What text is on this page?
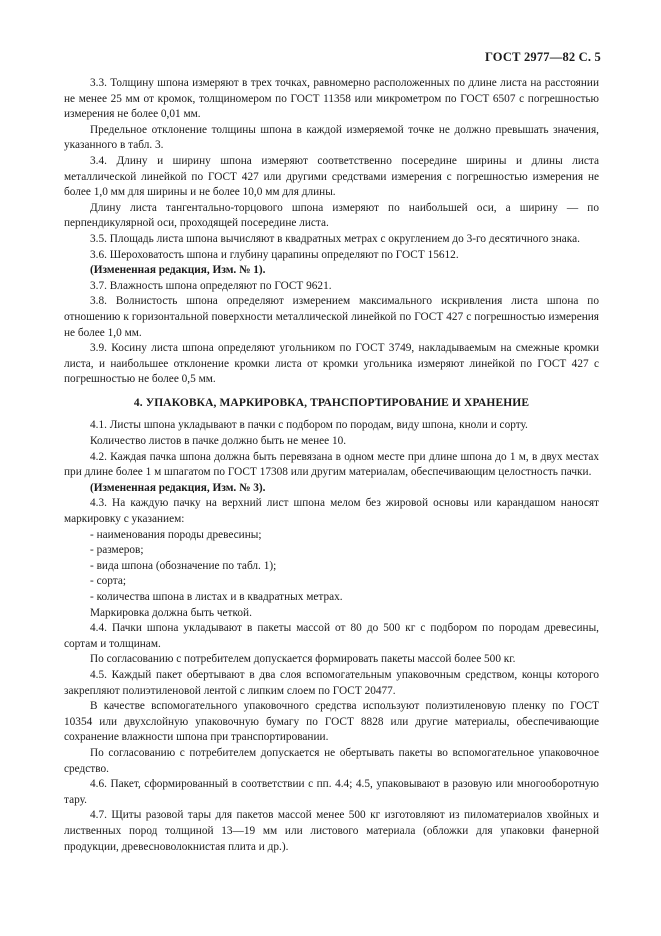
ГОСТ 2977—82 С. 5

3.3. Толщину шпона измеряют в трех точках, равномерно расположенных по длине листа на расстоянии не менее 25 мм от кромок, толщиномером по ГОСТ 11358 или микрометром по ГОСТ 6507 с погрешностью измерения не более 0,01 мм.

Предельное отклонение толщины шпона в каждой измеряемой точке не должно превышать значения, указанного в табл. 3.

3.4. Длину и ширину шпона измеряют соответственно посередине ширины и длины листа металлической линейкой по ГОСТ 427 или другими средствами измерения с погрешностью измерения не более 1,0 мм для ширины и не более 10,0 мм для длины.

Длину листа тангентально-торцового шпона измеряют по наибольшей оси, а ширину — по перпендикулярной оси, проходящей посередине листа.

3.5. Площадь листа шпона вычисляют в квадратных метрах с округлением до 3-го десятичного знака.

3.6. Шероховатость шпона и глубину царапины определяют по ГОСТ 15612.

(Измененная редакция, Изм. № 1).

3.7. Влажность шпона определяют по ГОСТ 9621.

3.8. Волнистость шпона определяют измерением максимального искривления листа шпона по отношению к горизонтальной поверхности металлической линейкой по ГОСТ 427 с погрешностью измерения не более 1,0 мм.

3.9. Косину листа шпона определяют угольником по ГОСТ 3749, накладываемым на смежные кромки листа, и наибольшее отклонение кромки листа от кромки угольника измеряют линейкой по ГОСТ 427 с погрешностью не более 0,5 мм.

4. УПАКОВКА, МАРКИРОВКА, ТРАНСПОРТИРОВАНИЕ И ХРАНЕНИЕ

4.1. Листы шпона укладывают в пачки с подбором по породам, виду шпона, кноли и сорту.

Количество листов в пачке должно быть не менее 10.

4.2. Каждая пачка шпона должна быть перевязана в одном месте при длине шпона до 1 м, в двух местах при длине более 1 м шпагатом по ГОСТ 17308 или другим материалам, обеспечивающим целостность пачки.

(Измененная редакция, Изм. № 3).

4.3. На каждую пачку на верхний лист шпона мелом без жировой основы или карандашом наносят маркировку с указанием:

- наименования породы древесины;
- размеров;
- вида шпона (обозначение по табл. 1);
- сорта;
- количества шпона в листах и в квадратных метрах.

Маркировка должна быть четкой.

4.4. Пачки шпона укладывают в пакеты массой от 80 до 500 кг с подбором по породам древесины, сортам и толщинам.

По согласованию с потребителем допускается формировать пакеты массой более 500 кг.

4.5. Каждый пакет обертывают в два слоя вспомогательным упаковочным средством, концы которого закрепляют полиэтиленовой лентой с липким слоем по ГОСТ 20477.

В качестве вспомогательного упаковочного средства используют полиэтиленовую пленку по ГОСТ 10354 или двухслойную упаковочную бумагу по ГОСТ 8828 или другие материалы, обеспечивающие сохранение влажности шпона при транспортировании.

По согласованию с потребителем допускается не обертывать пакеты во вспомогательное упаковочное средство.

4.6. Пакет, сформированный в соответствии с пп. 4.4; 4.5, упаковывают в разовую или многооборотную тару.

4.7. Щиты разовой тары для пакетов массой менее 500 кг изготовляют из пиломатериалов хвойных и лиственных пород толщиной 13—19 мм или листового материала (обложки для упаковки фанерной продукции, древесноволокнистая плита и др.).
